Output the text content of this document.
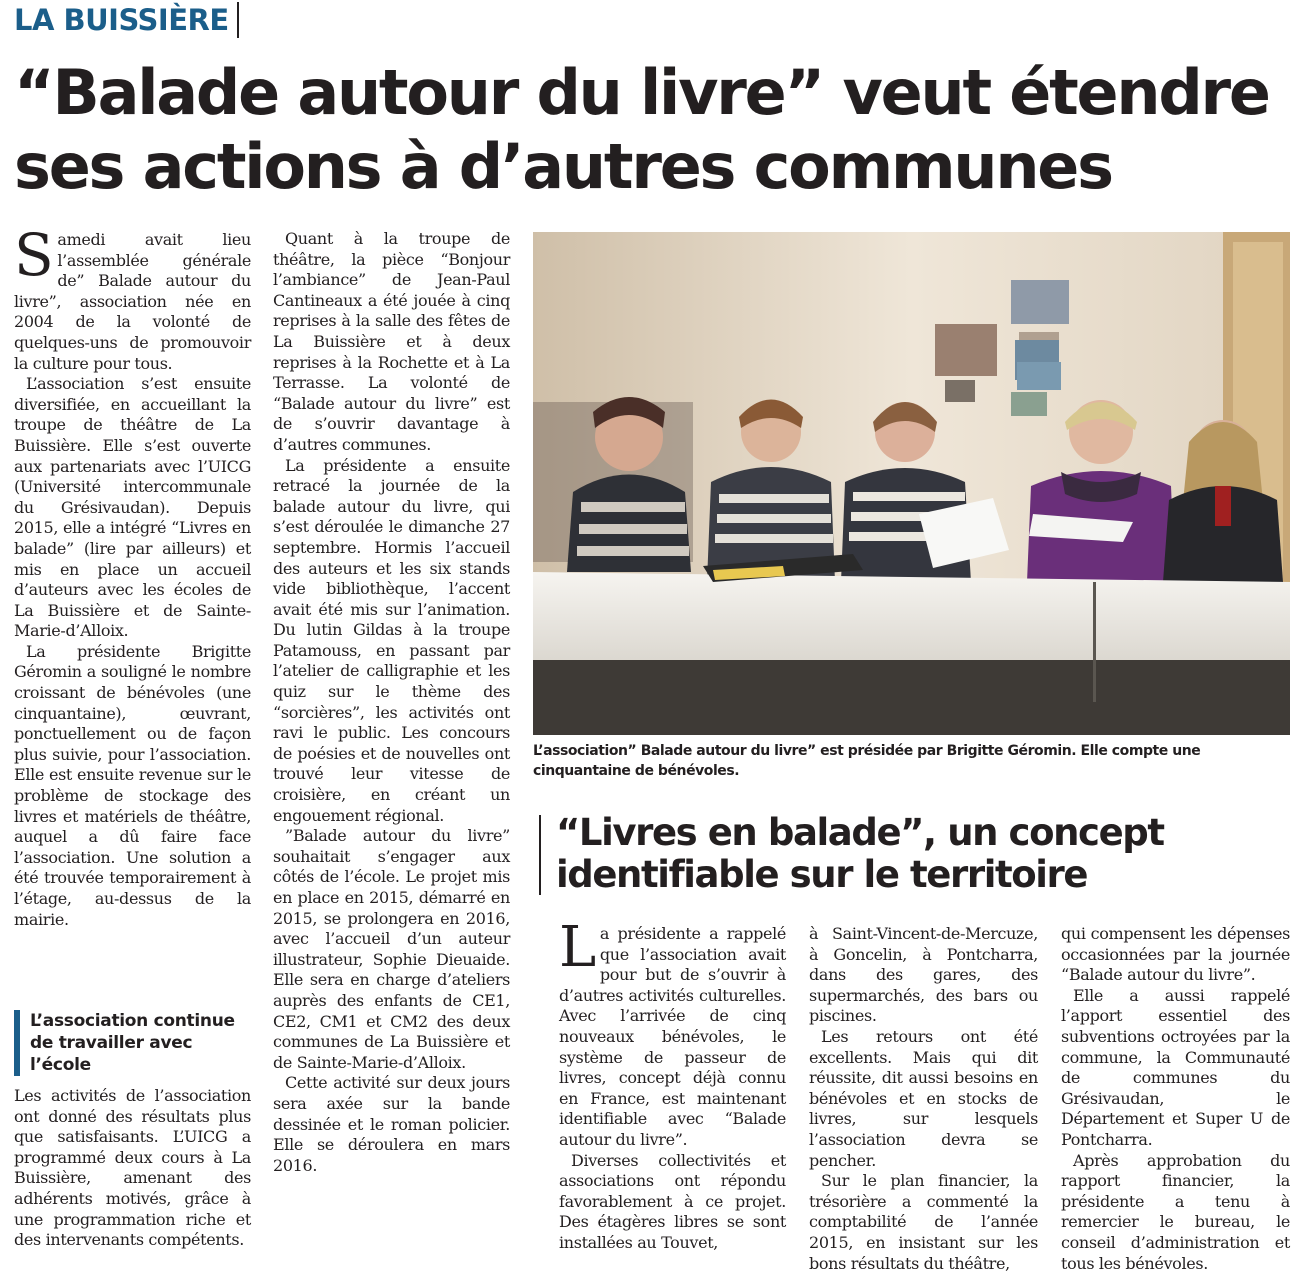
LA BUISSIÈRE
“Balade autour du livre” veut étendre ses actions à d’autres communes

Samedi avait lieu l’assemblée générale de” Balade autour du livre”, association née en 2004 de la volonté de quelques-uns de promouvoir la culture pour tous.

L’association s’est ensuite diversifiée, en accueillant la troupe de théâtre de La Buissière. Elle s’est ouverte aux partenariats avec l’UICG (Université intercommunale du Grésivaudan). Depuis 2015, elle a intégré “Livres en balade” (lire par ailleurs) et mis en place un accueil d’auteurs avec les écoles de La Buissière et de Sainte-Marie-d’Alloix.

La présidente Brigitte Géromin a souligné le nombre croissant de bénévoles (une cinquantaine), œuvrant, ponctuellement ou de façon plus suivie, pour l’association. Elle est ensuite revenue sur le problème de stockage des livres et matériels de théâtre, auquel a dû faire face l’association. Une solution a été trouvée temporairement à l’étage, au-dessus de la mairie.

L’association continue de travailler avec l’école

Les activités de l’association ont donné des résultats plus que satisfaisants. L’UICG a programmé deux cours à La Buissière, amenant des adhérents motivés, grâce à une programmation riche et des intervenants compétents.

Quant à la troupe de théâtre, la pièce “Bonjour l’ambiance” de Jean-Paul Cantineaux a été jouée à cinq reprises à la salle des fêtes de La Buissière et à deux reprises à la Rochette et à La Terrasse. La volonté de “Balade autour du livre” est de s’ouvrir davantage à d’autres communes.

La présidente a ensuite retracé la journée de la balade autour du livre, qui s’est déroulée le dimanche 27 septembre. Hormis l’accueil des auteurs et les six stands vide bibliothèque, l’accent avait été mis sur l’animation. Du lutin Gildas à la troupe Patamouss, en passant par l’atelier de calligraphie et les quiz sur le thème des “sorcières”, les activités ont ravi le public. Les concours de poésies et de nouvelles ont trouvé leur vitesse de croisière, en créant un engouement régional.

”Balade autour du livre” souhaitait s’engager aux côtés de l’école. Le projet mis en place en 2015, démarré en 2015, se prolongera en 2016, avec l’accueil d’un auteur illustrateur, Sophie Dieuaide. Elle sera en charge d’ateliers auprès des enfants de CE1, CE2, CM1 et CM2 des deux communes de La Buissière et de Sainte-Marie-d’Alloix.

Cette activité sur deux jours sera axée sur la bande dessinée et le roman policier. Elle se déroulera en mars 2016.

L’association” Balade autour du livre” est présidée par Brigitte Géromin. Elle compte une cinquantaine de bénévoles.
“Livres en balade”, un concept identifiable sur le territoire

La présidente a rappelé que l’association avait pour but de s’ouvrir à d’autres activités culturelles. Avec l’arrivée de cinq nouveaux bénévoles, le système de passeur de livres, concept déjà connu en France, est maintenant identifiable avec “Balade autour du livre”.

Diverses collectivités et associations ont répondu favorablement à ce projet. Des étagères libres se sont installées au Touvet,

à Saint-Vincent-de-Mercuze, à Goncelin, à Pontcharra, dans des gares, des supermarchés, des bars ou piscines.

Les retours ont été excellents. Mais qui dit réussite, dit aussi besoins en bénévoles et en stocks de livres, sur lesquels l’association devra se pencher.

Sur le plan financier, la trésorière a commenté la comptabilité de l’année 2015, en insistant sur les bons résultats du théâtre,

qui compensent les dépenses occasionnées par la journée “Balade autour du livre”.

Elle a aussi rappelé l’apport essentiel des subventions octroyées par la commune, la Communauté de communes du Grésivaudan, le Département et Super U de Pontcharra.

Après approbation du rapport financier, la présidente a tenu à remercier le bureau, le conseil d’administration et tous les bénévoles.
